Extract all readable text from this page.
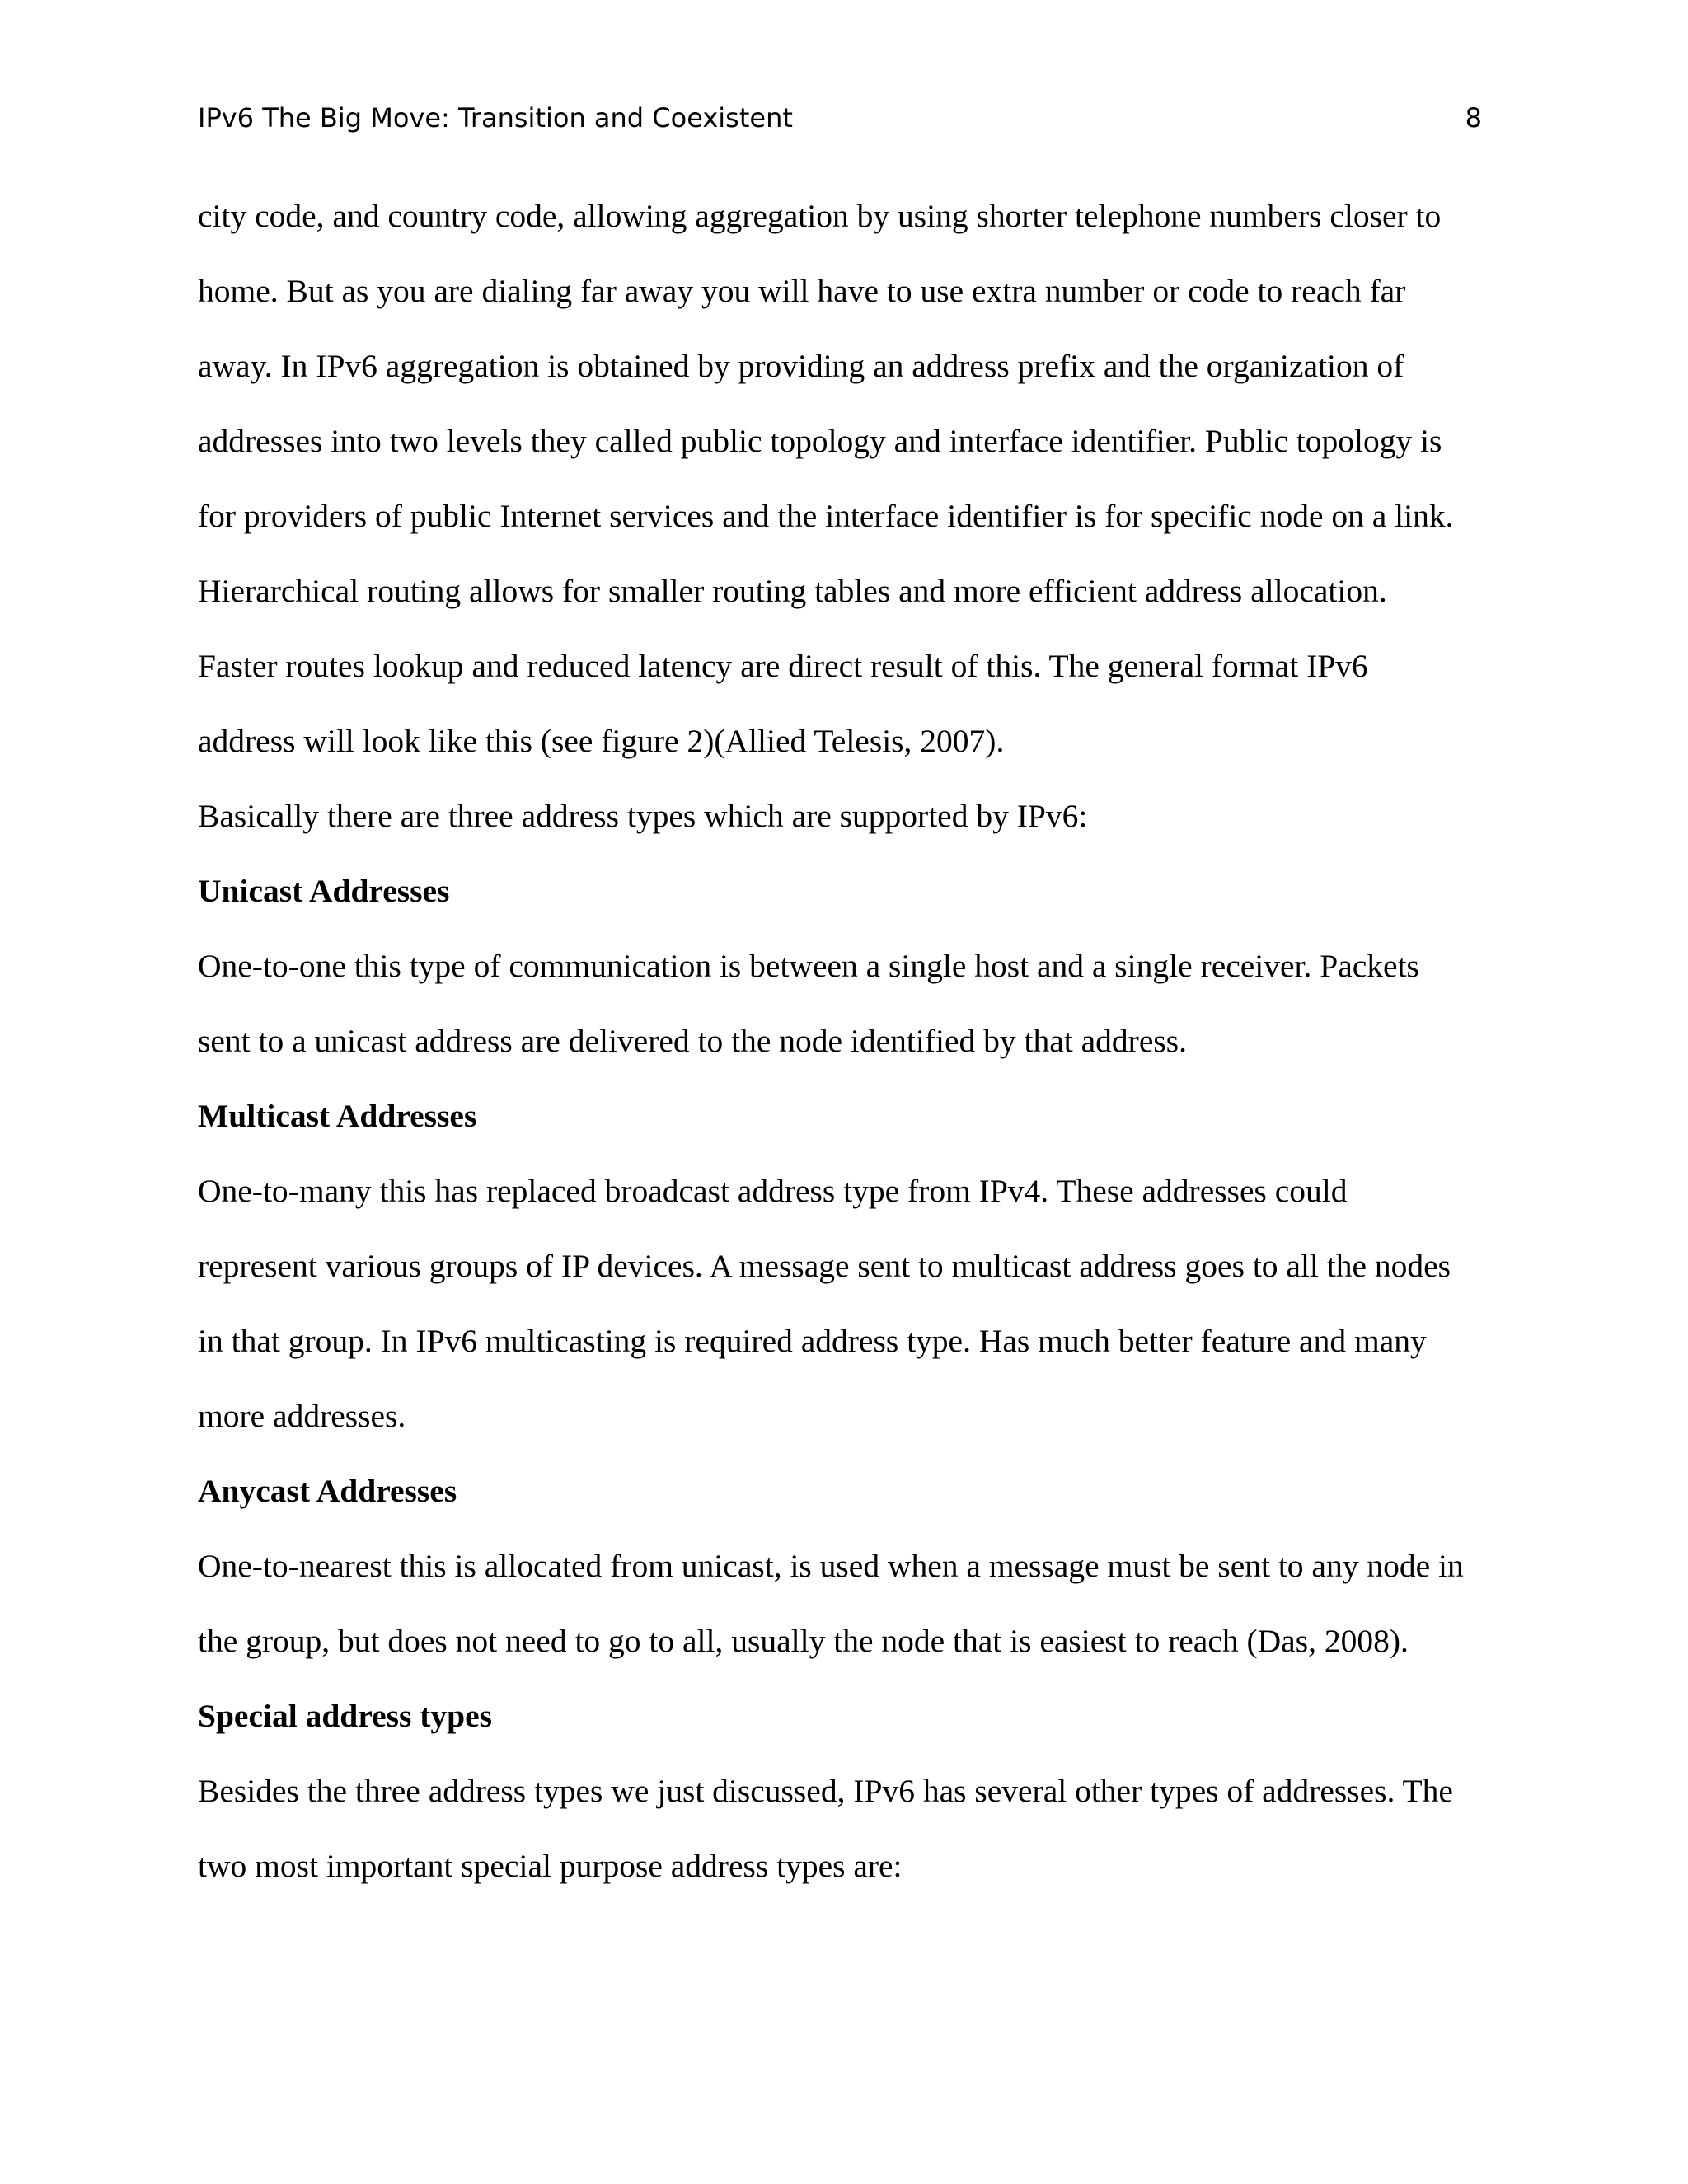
IPv6 The Big Move: Transition and Coexistent	8
city code, and country code, allowing aggregation by using shorter telephone numbers closer to
home. But as you are dialing far away you will have to use extra number or code to reach far
away. In IPv6 aggregation is obtained by providing an address prefix and the organization of
addresses into two levels they called public topology and interface identifier. Public topology is
for providers of public Internet services and the interface identifier is for specific node on a link.
Hierarchical routing allows for smaller routing tables and more efficient address allocation.
Faster routes lookup and reduced latency are direct result of this. The general format IPv6
address will look like this (see figure 2)(Allied Telesis, 2007).
Basically there are three address types which are supported by IPv6:
Unicast Addresses
One-to-one this type of communication is between a single host and a single receiver. Packets
sent to a unicast address are delivered to the node identified by that address.
Multicast Addresses
One-to-many this has replaced broadcast address type from IPv4. These addresses could
represent various groups of IP devices. A message sent to multicast address goes to all the nodes
in that group. In IPv6 multicasting is required address type. Has much better feature and many
more addresses.
Anycast Addresses
One-to-nearest this is allocated from unicast, is used when a message must be sent to any node in
the group, but does not need to go to all, usually the node that is easiest to reach (Das, 2008).
Special address types
Besides the three address types we just discussed, IPv6 has several other types of addresses. The
two most important special purpose address types are:
